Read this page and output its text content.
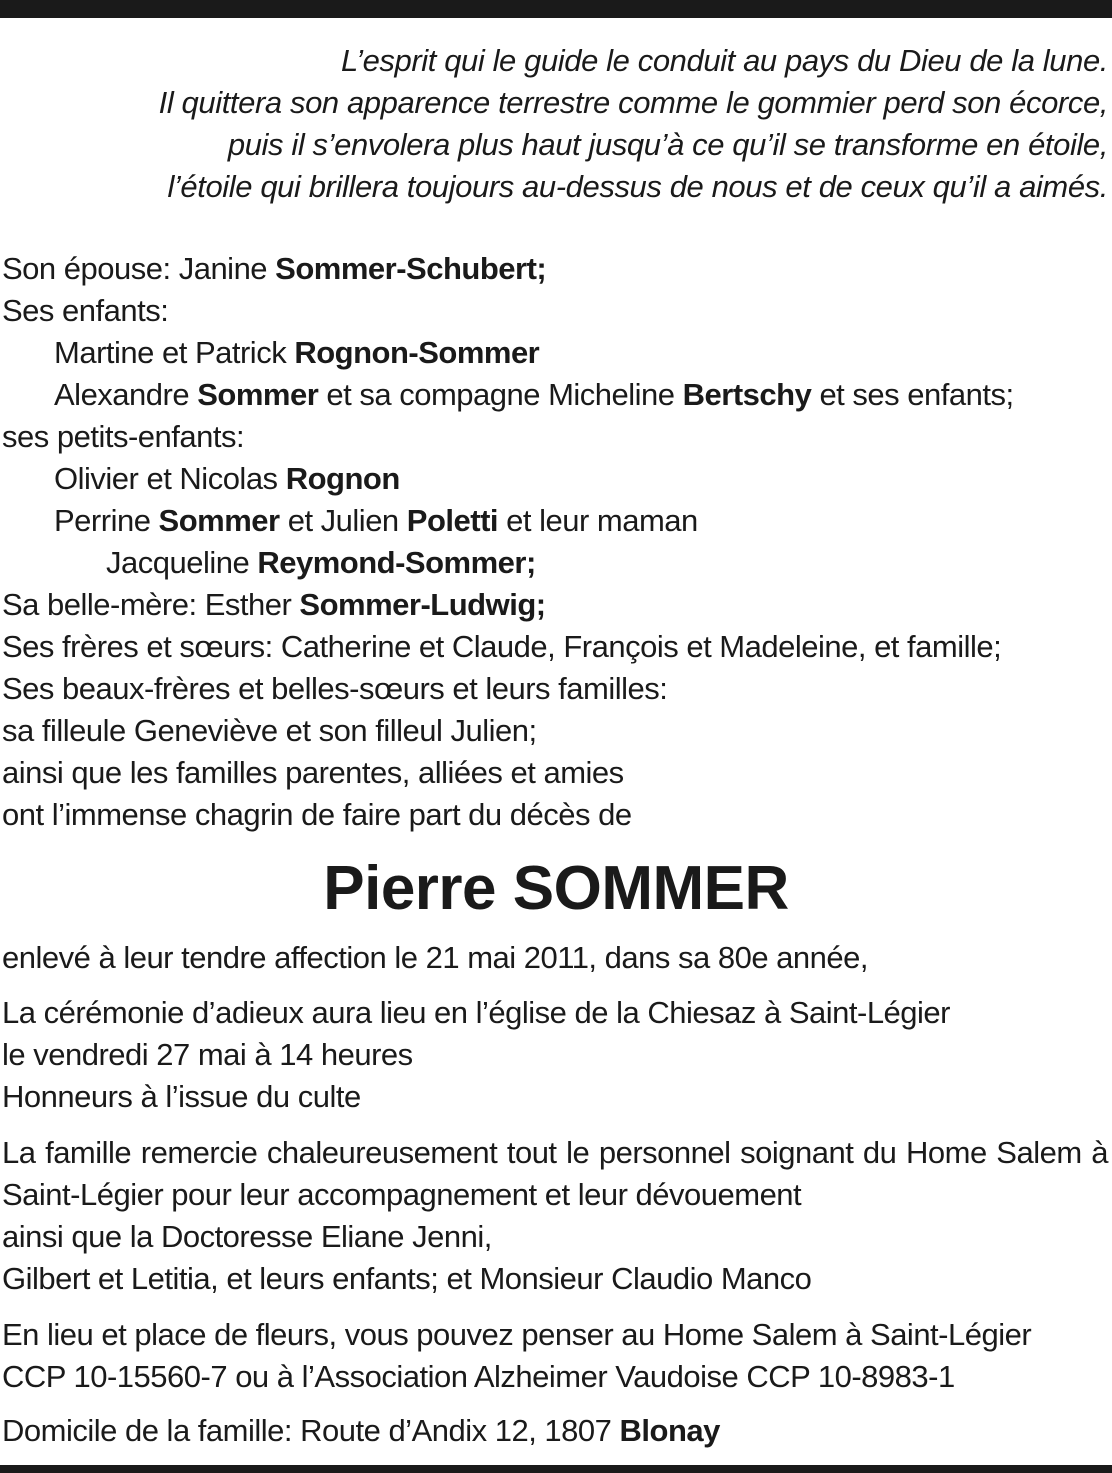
L’esprit qui le guide le conduit au pays du Dieu de la lune.
Il quittera son apparence terrestre comme le gommier perd son écorce,
puis il s’envolera plus haut jusqu’à ce qu’il se transforme en étoile,
l’étoile qui brillera toujours au-dessus de nous et de ceux qu’il a aimés.
Son épouse: Janine Sommer-Schubert;
Ses enfants:
Martine et Patrick Rognon-Sommer
Alexandre Sommer et sa compagne Micheline Bertschy et ses enfants;
ses petits-enfants:
Olivier et Nicolas Rognon
Perrine Sommer et Julien Poletti et leur maman
Jacqueline Reymond-Sommer;
Sa belle-mère: Esther Sommer-Ludwig;
Ses frères et sœurs: Catherine et Claude, François et Madeleine, et famille;
Ses beaux-frères et belles-sœurs et leurs familles:
sa filleule Geneviève et son filleul Julien;
ainsi que les familles parentes, alliées et amies
ont l’immense chagrin de faire part du décès de
Pierre SOMMER
enlevé à leur tendre affection le 21 mai 2011, dans sa 80e année,
La cérémonie d’adieux aura lieu en l’église de la Chiesaz à Saint-Légier
le vendredi 27 mai à 14 heures
Honneurs à l’issue du culte
La famille remercie chaleureusement tout le personnel soignant du Home Salem à Saint-Légier pour leur accompagnement et leur dévouement
ainsi que la Doctoresse Eliane Jenni,
Gilbert et Letitia, et leurs enfants; et Monsieur Claudio Manco
En lieu et place de fleurs, vous pouvez penser au Home Salem à Saint-Légier
CCP 10-15560-7 ou à l’Association Alzheimer Vaudoise CCP 10-8983-1
Domicile de la famille: Route d’Andix 12, 1807 Blonay
